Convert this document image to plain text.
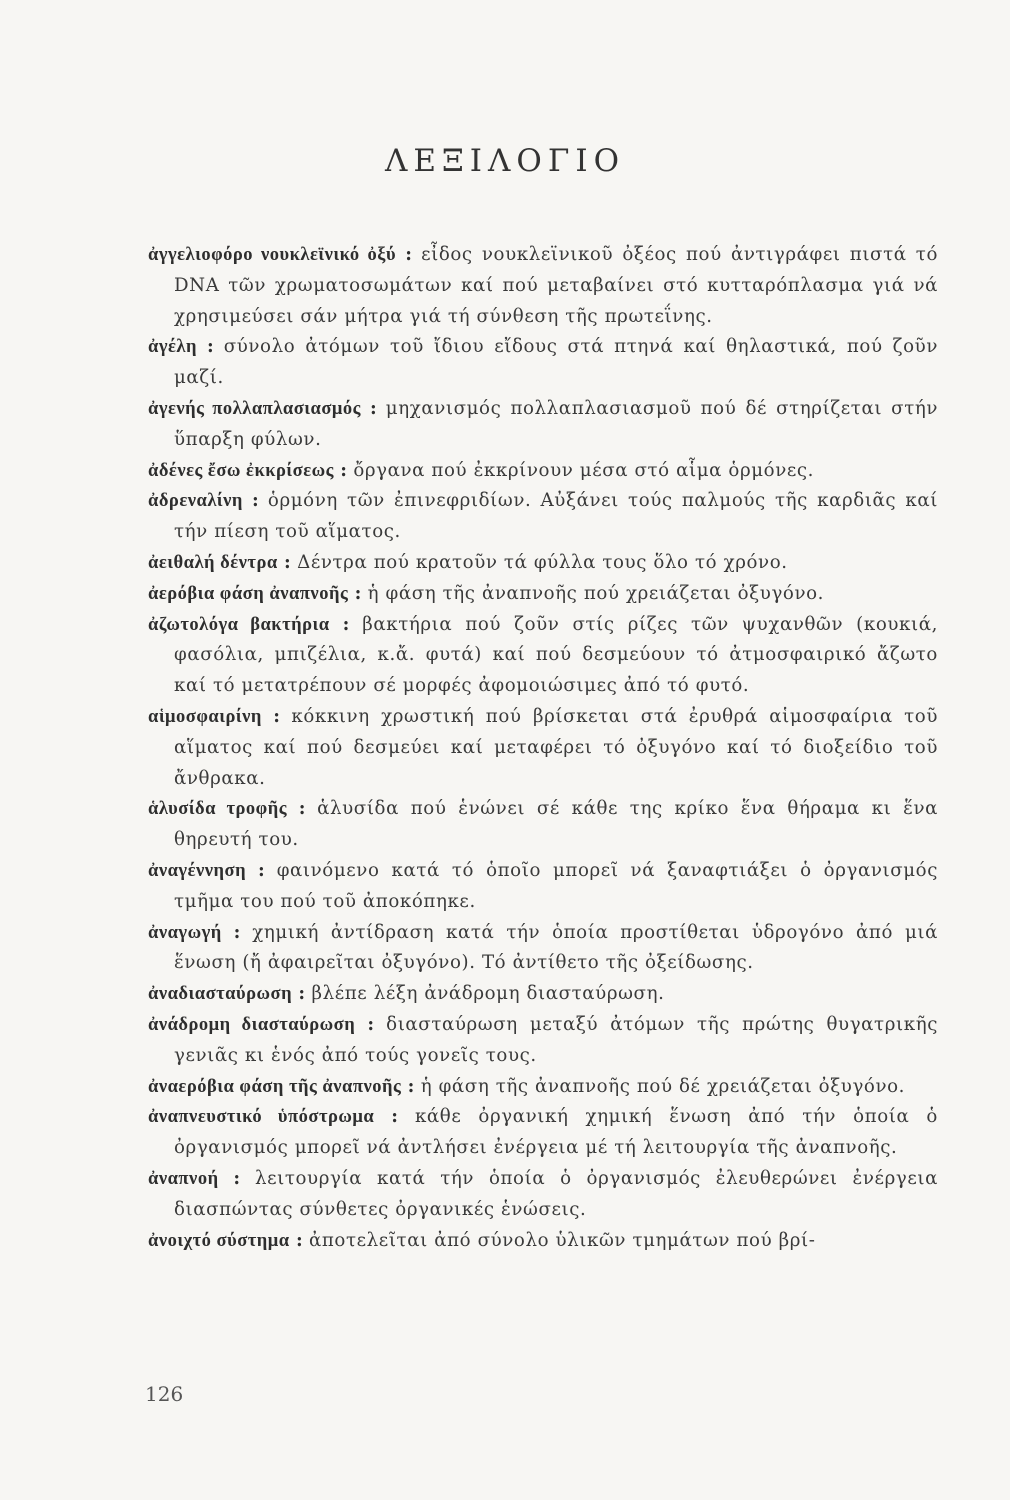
ΛΕΞΙΛΟΓΙΟ
ἀγγελιοφόρο νουκλεϊνικό ὀξύ : εἶδος νουκλεϊνικοῦ ὀξέος πού ἀντιγράφει πιστά τό DNA τῶν χρωματοσωμάτων καί πού μεταβαίνει στό κυτταρόπλασμα γιά νά χρησιμεύσει σάν μήτρα γιά τή σύνθεση τῆς πρωτεΐνης.
ἀγέλη : σύνολο ἀτόμων τοῦ ἴδιου εἴδους στά πτηνά καί θηλαστικά, πού ζοῦν μαζί.
ἀγενής πολλαπλασιασμός : μηχανισμός πολλαπλασιασμοῦ πού δέ στηρίζεται στήν ὕπαρξη φύλων.
ἀδένες ἔσω ἐκκρίσεως : ὄργανα πού ἐκκρίνουν μέσα στό αἷμα ὁρμόνες.
ἀδρεναλίνη : ὁρμόνη τῶν ἐπινεφριδίων. Αὐξάνει τούς παλμούς τῆς καρδιᾶς καί τήν πίεση τοῦ αἵματος.
ἀειθαλή δέντρα : Δέντρα πού κρατοῦν τά φύλλα τους ὅλο τό χρόνο.
ἀερόβια φάση ἀναπνοῆς : ἡ φάση τῆς ἀναπνοῆς πού χρειάζεται ὀξυγόνο.
ἀζωτολόγα βακτήρια : βακτήρια πού ζοῦν στίς ρίζες τῶν ψυχανθῶν (κουκιά, φασόλια, μπιζέλια, κ.ἄ. φυτά) καί πού δεσμεύουν τό ἀτμοσφαιρικό ἄζωτο καί τό μετατρέπουν σέ μορφές ἀφομοιώσιμες ἀπό τό φυτό.
αἱμοσφαιρίνη : κόκκινη χρωστική πού βρίσκεται στά ἐρυθρά αἱμοσφαίρια τοῦ αἵματος καί πού δεσμεύει καί μεταφέρει τό ὀξυγόνο καί τό διοξείδιο τοῦ ἄνθρακα.
ἁλυσίδα τροφῆς : ἁλυσίδα πού ἑνώνει σέ κάθε της κρίκο ἕνα θήραμα κι ἕνα θηρευτή του.
ἀναγέννηση : φαινόμενο κατά τό ὁποῖο μπορεῖ νά ξαναφτιάξει ὁ ὀργανισμός τμῆμα του πού τοῦ ἀποκόπηκε.
ἀναγωγή : χημική ἀντίδραση κατά τήν ὁποία προστίθεται ὑδρογόνο ἀπό μιά ἕνωση (ἤ ἀφαιρεῖται ὀξυγόνο). Τό ἀντίθετο τῆς ὀξείδωσης.
ἀναδιασταύρωση : βλέπε λέξη ἀνάδρομη διασταύρωση.
ἀνάδρομη διασταύρωση : διασταύρωση μεταξύ ἀτόμων τῆς πρώτης θυγατρικῆς γενιᾶς κι ἑνός ἀπό τούς γονεῖς τους.
ἀναερόβια φάση τῆς ἀναπνοῆς : ἡ φάση τῆς ἀναπνοῆς πού δέ χρειάζεται ὀξυγόνο.
ἀναπνευστικό ὑπόστρωμα : κάθε ὀργανική χημική ἕνωση ἀπό τήν ὁποία ὁ ὀργανισμός μπορεῖ νά ἀντλήσει ἐνέργεια μέ τή λειτουργία τῆς ἀναπνοῆς.
ἀναπνοή : λειτουργία κατά τήν ὁποία ὁ ὀργανισμός ἐλευθερώνει ἐνέργεια διασπώντας σύνθετες ὀργανικές ἑνώσεις.
ἀνοιχτό σύστημα : ἀποτελεῖται ἀπό σύνολο ὑλικῶν τμημάτων πού βρί-
126
